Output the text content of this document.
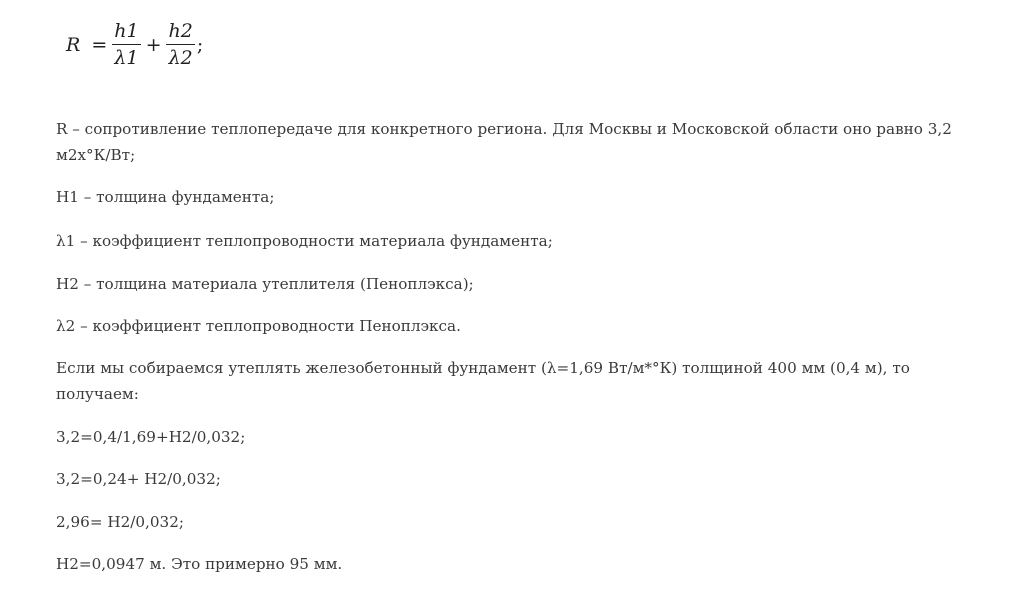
$R = \frac{h1}{\lambda 1} + \frac{h2}{\lambda 2}$ ;

R – сопротивление теплопередаче для конкретного региона. Для Москвы и Московской области оно равно 3,2 м2х°К/Вт;

H1 – толщина фундамента;

λ1 – коэффициент теплопроводности материала фундамента;

H2 – толщина материала утеплителя (Пеноплэкса);

λ2 – коэффициент теплопроводности Пеноплэкса.

Если мы собираемся утеплять железобетонный фундамент (λ=1,69 Вт/м*°К) толщиной 400 мм (0,4 м), то получаем:

3,2=0,4/1,69+H2/0,032;

3,2=0,24+ H2/0,032;

2,96= H2/0,032;

H2=0,0947 м. Это примерно 95 мм.
